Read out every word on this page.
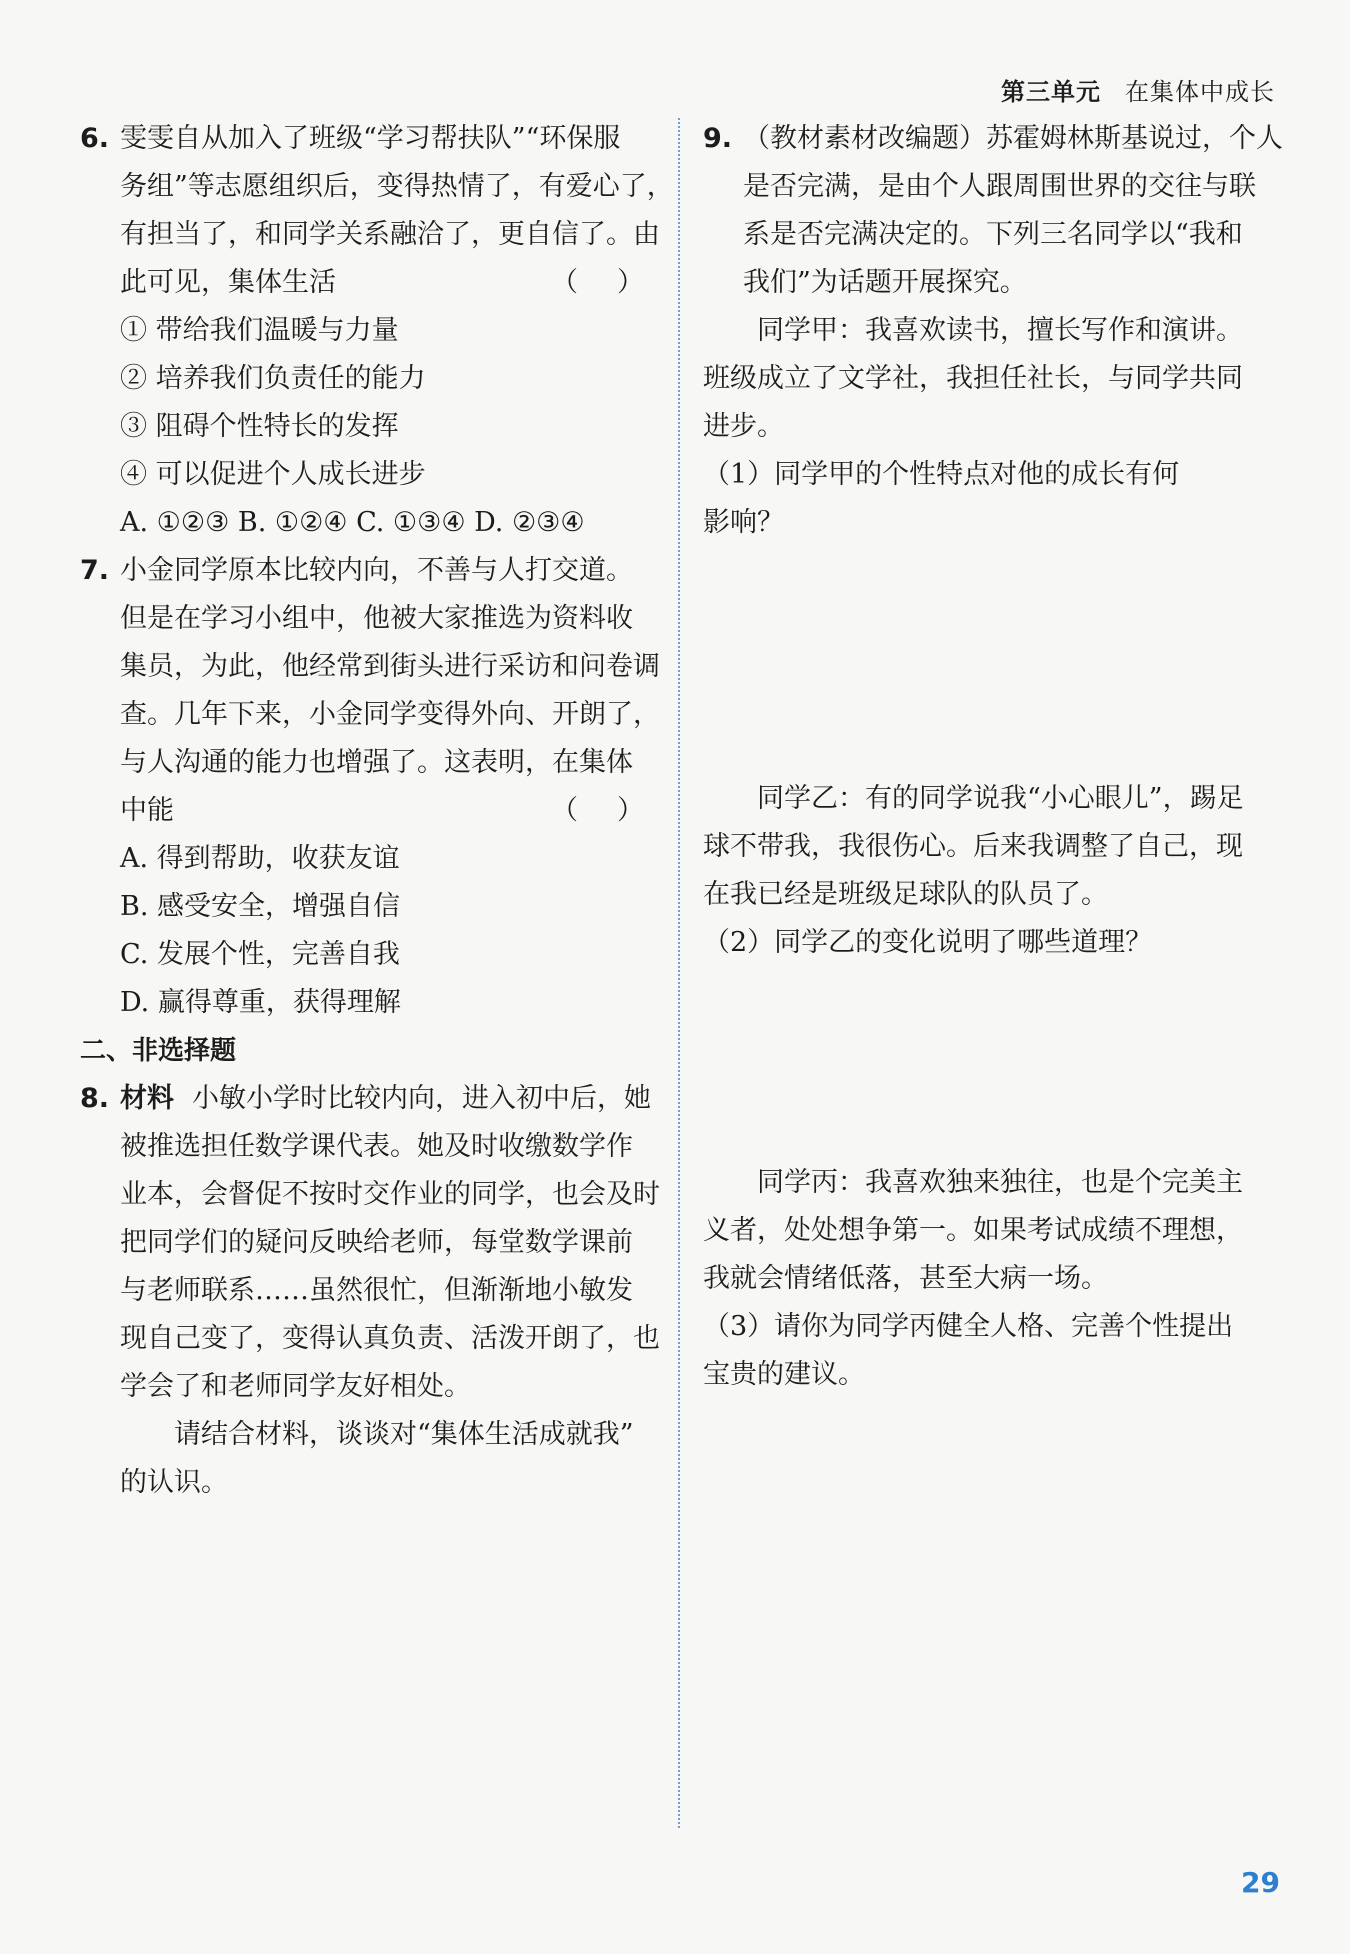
第三单元 在集体中成长
6. 雯雯自从加入了班级“学习帮扶队”“环保服
务组”等志愿组织后，变得热情了，有爱心了，
有担当了，和同学关系融洽了，更自信了。由
此可见，集体生活	（　）
① 带给我们温暖与力量
② 培养我们负责任的能力
③ 阻碍个性特长的发挥
④ 可以促进个人成长进步
A. ①②③ B. ①②④ C. ①③④ D. ②③④
7. 小金同学原本比较内向，不善与人打交道。
但是在学习小组中，他被大家推选为资料收
集员，为此，他经常到街头进行采访和问卷调
查。几年下来，小金同学变得外向、开朗了，
与人沟通的能力也增强了。这表明，在集体
中能	（　）
A. 得到帮助，收获友谊
B. 感受安全，增强自信
C. 发展个性，完善自我
D. 赢得尊重，获得理解
二、非选择题
8. 材料 小敏小学时比较内向，进入初中后，她
被推选担任数学课代表。她及时收缴数学作
业本，会督促不按时交作业的同学，也会及时
把同学们的疑问反映给老师，每堂数学课前
与老师联系……虽然很忙，但渐渐地小敏发
现自己变了，变得认真负责、活泼开朗了，也
学会了和老师同学友好相处。
请结合材料，谈谈对“集体生活成就我”
的认识。
9. （教材素材改编题）苏霍姆林斯基说过，个人
是否完满，是由个人跟周围世界的交往与联
系是否完满决定的。下列三名同学以“我和
我们”为话题开展探究。
同学甲：我喜欢读书，擅长写作和演讲。
班级成立了文学社，我担任社长，与同学共同
进步。
（1）同学甲的个性特点对他的成长有何
影响？
同学乙：有的同学说我“小心眼儿”，踢足
球不带我，我很伤心。后来我调整了自己，现
在我已经是班级足球队的队员了。
（2）同学乙的变化说明了哪些道理？
同学丙：我喜欢独来独往，也是个完美主
义者，处处想争第一。如果考试成绩不理想，
我就会情绪低落，甚至大病一场。
（3）请你为同学丙健全人格、完善个性提出
宝贵的建议。
29
